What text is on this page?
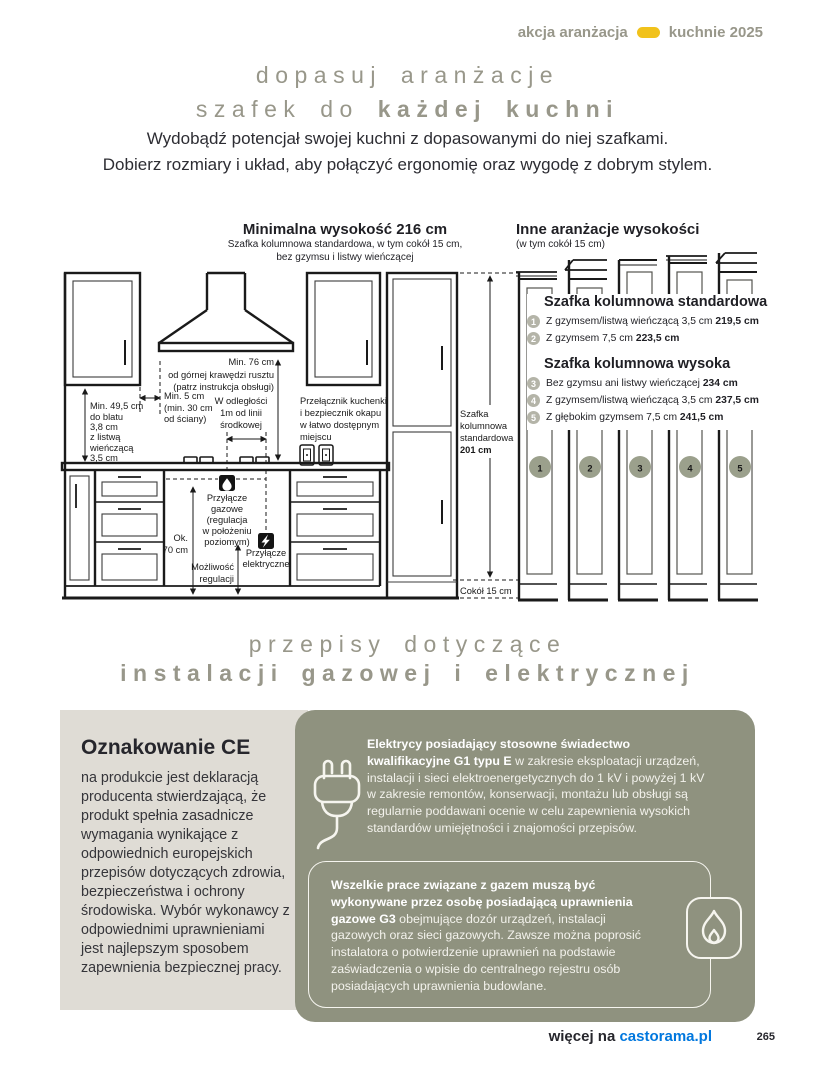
akcja aranżacja	kuchnie 2025
dopasuj aranżacje
szafek do każdej kuchni
Wydobądź potencjał swojej kuchni z dopasowanymi do niej szafkami.
Dobierz rozmiary i układ, aby połączyć ergonomię oraz wygodę z dobrym stylem.
Minimalna wysokość 216 cm
Szafka kolumnowa standardowa, w tym cokół 15 cm,
bez gzymsu i listwy wieńczącej
Inne aranżacje wysokości
(w tym cokół 15 cm)
Min. 49,5 cm
do blatu
3,8 cm
z listwą
wieńczącą
3,5 cm
Min. 5 cm
(min. 30 cm
od ściany)
Min. 76 cm
od górnej krawędzi rusztu
(patrz instrukcja obsługi)
W odległości
1m od linii
środkowej
Przełącznik kuchenki
i bezpiecznik okapu
w łatwo dostępnym
miejscu
Przyłącze
gazowe
(regulacja
w położeniu
poziomym)
Przyłącze
elektryczne
Ok.
70 cm
Możliwość
regulacji
Szafka
kolumnowa
standardowa
201 cm
Cokół 15 cm
1	2	3	4	5
Szafka kolumnowa standardowa
1 Z gzymsem/listwą wieńczącą 3,5 cm 219,5 cm
2 Z gzymsem 7,5 cm 223,5 cm
Szafka kolumnowa wysoka
3 Bez gzymsu ani listwy wieńczącej 234 cm
4 Z gzymsem/listwą wieńczącą 3,5 cm 237,5 cm
5 Z głębokim gzymsem 7,5 cm 241,5 cm
przepisy dotyczące
instalacji gazowej i elektrycznej

Oznakowanie CE

na produkcie jest deklaracją producenta stwierdzającą, że produkt spełnia zasadnicze wymagania wynikające z odpowiednich europejskich przepisów dotyczących zdrowia, bezpieczeństwa i ochrony środowiska. Wybór wykonawcy z odpowiednimi uprawnieniami jest najlepszym sposobem zapewnienia bezpiecznej pracy.

Elektrycy posiadający stosowne świadectwo kwalifikacyjne G1 typu E w zakresie eksploatacji urządzeń, instalacji i sieci elektroenergetycznych do 1 kV i powyżej 1 kV w zakresie remontów, konserwacji, montażu lub obsługi są regularnie poddawani ocenie w celu zapewnienia wysokich standardów umiejętności i znajomości przepisów.

Wszelkie prace związane z gazem muszą być wykonywane przez osobę posiadającą uprawnienia gazowe G3 obejmujące dozór urządzeń, instalacji gazowych oraz sieci gazowych. Zawsze można poprosić instalatora o potwierdzenie uprawnień na podstawie zaświadczenia o wpisie do centralnego rejestru osób posiadających uprawnienia budowlane.

więcej na castorama.pl	265
